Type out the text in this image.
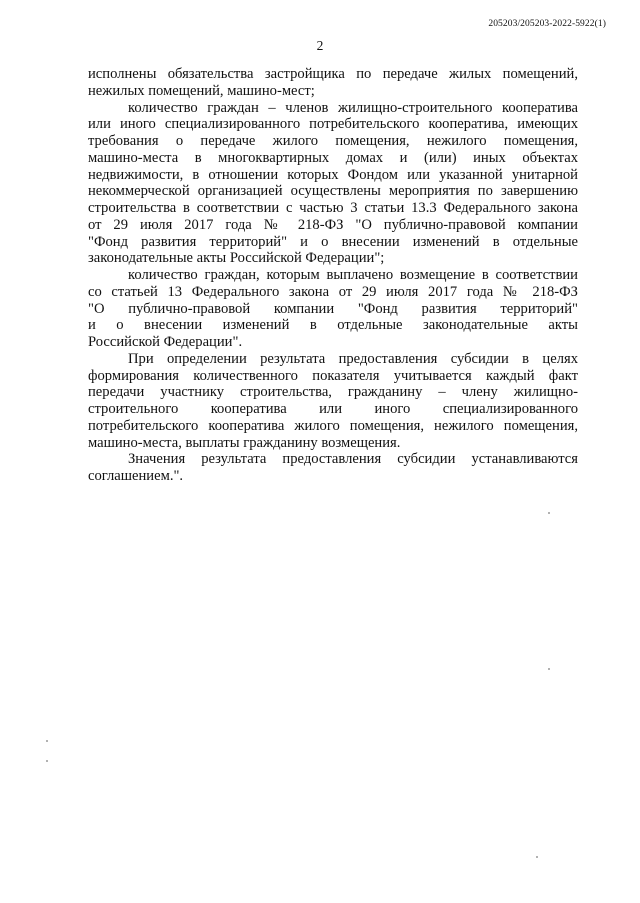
205203/205203-2022-5922(1)
2
исполнены обязательства застройщика по передаче жилых помещений,
нежилых помещений, машино-мест;
количество граждан – членов жилищно-строительного кооператива
или иного специализированного потребительского кооператива, имеющих
требования о передаче жилого помещения, нежилого помещения,
машино-места в многоквартирных домах и (или) иных объектах
недвижимости, в отношении которых Фондом или указанной унитарной
некоммерческой организацией осуществлены мероприятия по завершению
строительства в соответствии с частью 3 статьи 13.3 Федерального закона
от 29 июля 2017 года № 218-ФЗ "О публично-правовой компании
"Фонд развития территорий" и о внесении изменений в отдельные
законодательные акты Российской Федерации";
количество граждан, которым выплачено возмещение в соответствии
со статьей 13 Федерального закона от 29 июля 2017 года № 218-ФЗ
"О публично-правовой компании "Фонд развития территорий"
и о внесении изменений в отдельные законодательные акты
Российской Федерации".
При определении результата предоставления субсидии в целях
формирования количественного показателя учитывается каждый факт
передачи участнику строительства, гражданину – члену жилищно-
строительного кооператива или иного специализированного
потребительского кооператива жилого помещения, нежилого помещения,
машино-места, выплаты гражданину возмещения.
Значения результата предоставления субсидии устанавливаются
соглашением.".
